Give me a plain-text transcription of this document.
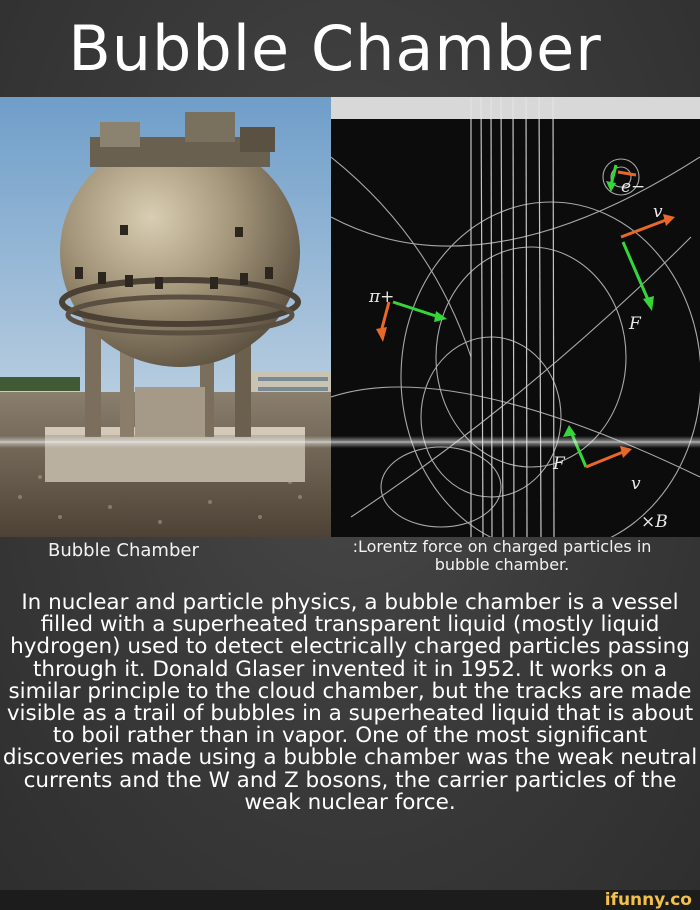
Bubble Chamber
π+
v
F
e−
F
v
×B
Bubble Chamber	:Lorentz force on charged particles in bubble chamber.
In nuclear and particle physics, a bubble chamber is a vessel filled with a superheated transparent liquid (mostly liquid hydrogen) used to detect electrically charged particles passing through it. Donald Glaser invented it in 1952. It works on a similar principle to the cloud chamber, but the tracks are made visible as a trail of bubbles in a superheated liquid that is about to boil rather than in vapor. One of the most significant discoveries made using a bubble chamber was the weak neutral currents and the W and Z bosons, the carrier particles of the weak nuclear force.
ifunny.co
